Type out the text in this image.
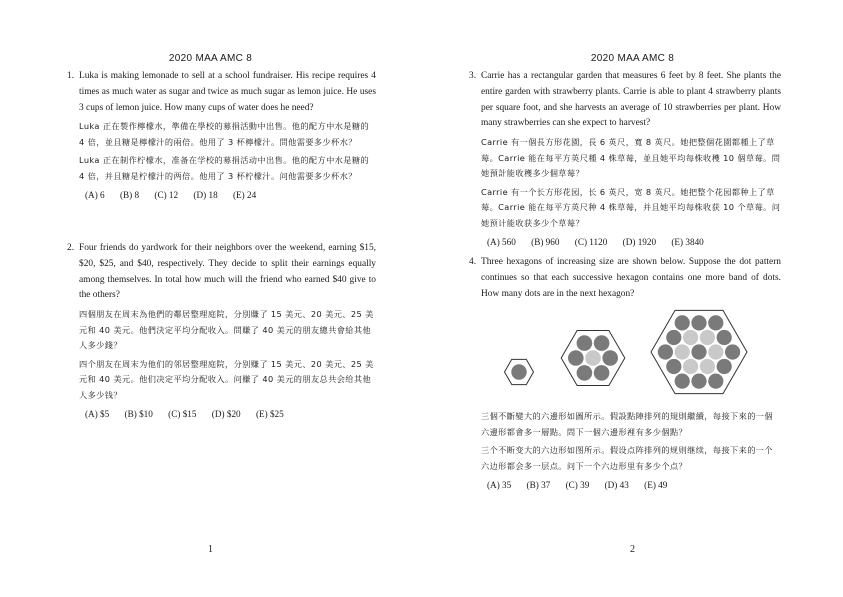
2020 MAA AMC 8
1. Luka is making lemonade to sell at a school fundraiser. His recipe requires 4 times as much water as sugar and twice as much sugar as lemon juice. He uses 3 cups of lemon juice. How many cups of water does he need?

Luka 正在製作檸檬水，準備在學校的募捐活動中出售。他的配方中水是糖的 4 倍，並且糖是檸檬汁的兩倍。他用了 3 杯檸檬汁。問他需要多少杯水？
Luka 正在制作柠檬水，准备在学校的募捐活动中出售。他的配方中水是糖的 4 倍，并且糖是柠檬汁的两倍。他用了 3 杯柠檬汁。问他需要多少杯水？
(A) 6 (B) 8 (C) 12 (D) 18 (E) 24
2. Four friends do yardwork for their neighbors over the weekend, earning $15, $20, $25, and $40, respectively. They decide to split their earnings equally among themselves. In total how much will the friend who earned $40 give to the others?

四個朋友在周末為他們的鄰居整理庭院，分別賺了 15 美元、20 美元、25 美元和 40 美元。他們決定平均分配收入。問賺了 40 美元的朋友總共會給其他人多少錢？
四个朋友在周末为他们的邻居整理庭院，分别赚了 15 美元、20 美元、25 美元和 40 美元。他们决定平均分配收入。问赚了 40 美元的朋友总共会给其他人多少钱？
(A) $5 (B) $10 (C) $15 (D) $20 (E) $25
1
2020 MAA AMC 8
3. Carrie has a rectangular garden that measures 6 feet by 8 feet. She plants the entire garden with strawberry plants. Carrie is able to plant 4 strawberry plants per square foot, and she harvests an average of 10 strawberries per plant. How many strawberries can she expect to harvest?

Carrie 有一個長方形花園，長 6 英尺，寬 8 英尺。她把整個花園都種上了草莓。Carrie 能在每平方英尺種 4 株草莓，並且她平均每株收穫 10 個草莓。問她預計能收穫多少個草莓？
Carrie 有一个长方形花园，长 6 英尺，宽 8 英尺。她把整个花园都种上了草莓。Carrie 能在每平方英尺种 4 株草莓，并且她平均每株收获 10 个草莓。问她预计能收获多少个草莓？
(A) 560 (B) 960 (C) 1120 (D) 1920 (E) 3840
4. Three hexagons of increasing size are shown below. Suppose the dot pattern continues so that each successive hexagon contains one more band of dots. How many dots are in the next hexagon?

三個不斷變大的六邊形如圖所示。假設點陣排列的規則繼續，每接下來的一個六邊形都會多一層點。問下一個六邊形裡有多少個點？
三个不断变大的六边形如图所示。假设点阵排列的规则继续，每接下来的一个六边形都会多一层点。问下一个六边形里有多少个点？
(A) 35 (B) 37 (C) 39 (D) 43 (E) 49
2
